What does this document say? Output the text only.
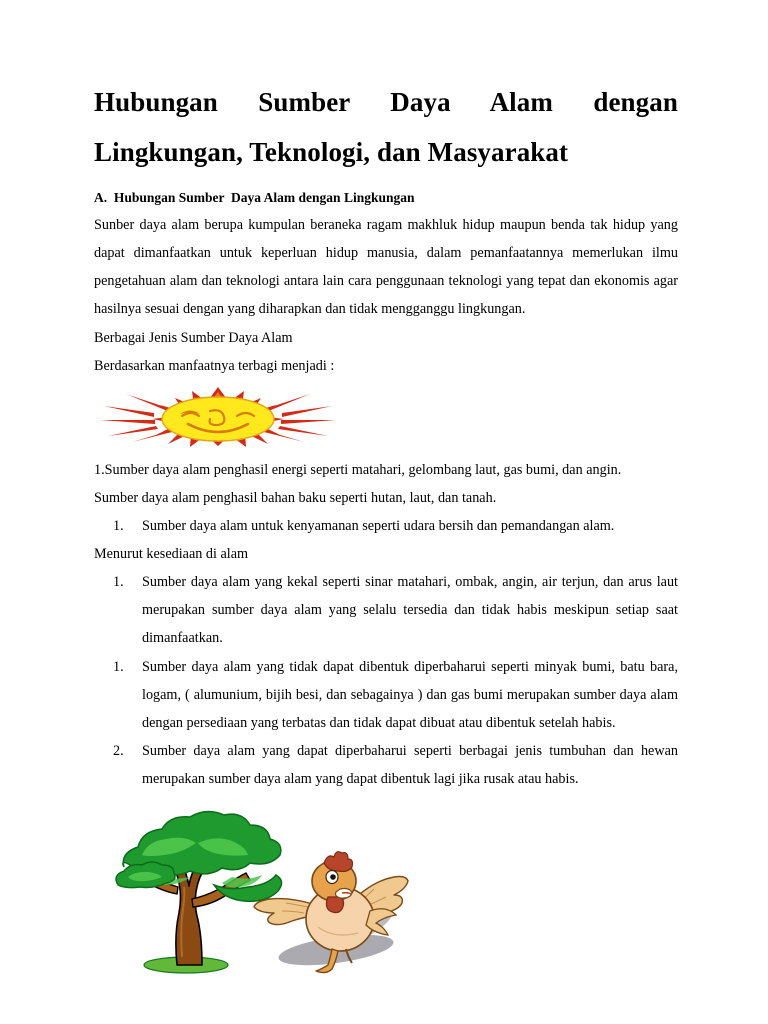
Hubungan Sumber Daya Alam dengan
Lingkungan, Teknologi, dan Masyarakat
A.  Hubungan Sumber  Daya Alam dengan Lingkungan

Sunber daya alam berupa kumpulan beraneka ragam makhluk hidup maupun benda tak hidup yang dapat dimanfaatkan untuk keperluan hidup manusia, dalam pemanfaatannya memerlukan ilmu pengetahuan alam dan teknologi antara lain cara penggunaan teknologi yang tepat dan ekonomis agar hasilnya sesuai dengan yang diharapkan dan tidak mengganggu lingkungan.

Berbagai Jenis Sumber Daya Alam

Berdasarkan manfaatnya terbagi menjadi :

1.Sumber daya alam penghasil energi seperti matahari, gelombang laut, gas bumi, dan angin.

Sumber daya alam penghasil bahan baku seperti hutan, laut, dan tanah.

1.	Sumber daya alam untuk kenyamanan seperti udara bersih dan pemandangan alam.

Menurut kesediaan di alam

1.	Sumber daya alam yang kekal seperti sinar matahari, ombak, angin, air terjun, dan arus laut merupakan sumber daya alam yang selalu tersedia dan tidak habis meskipun setiap saat dimanfaatkan.
1.	Sumber daya alam yang tidak dapat dibentuk diperbaharui seperti minyak bumi, batu bara, logam, ( alumunium, bijih besi, dan sebagainya ) dan gas bumi merupakan sumber daya alam dengan persediaan yang terbatas dan tidak dapat dibuat atau dibentuk setelah habis.
2.	Sumber daya alam yang dapat diperbaharui seperti berbagai jenis tumbuhan dan hewan merupakan sumber daya alam yang dapat dibentuk lagi jika rusak atau habis.
